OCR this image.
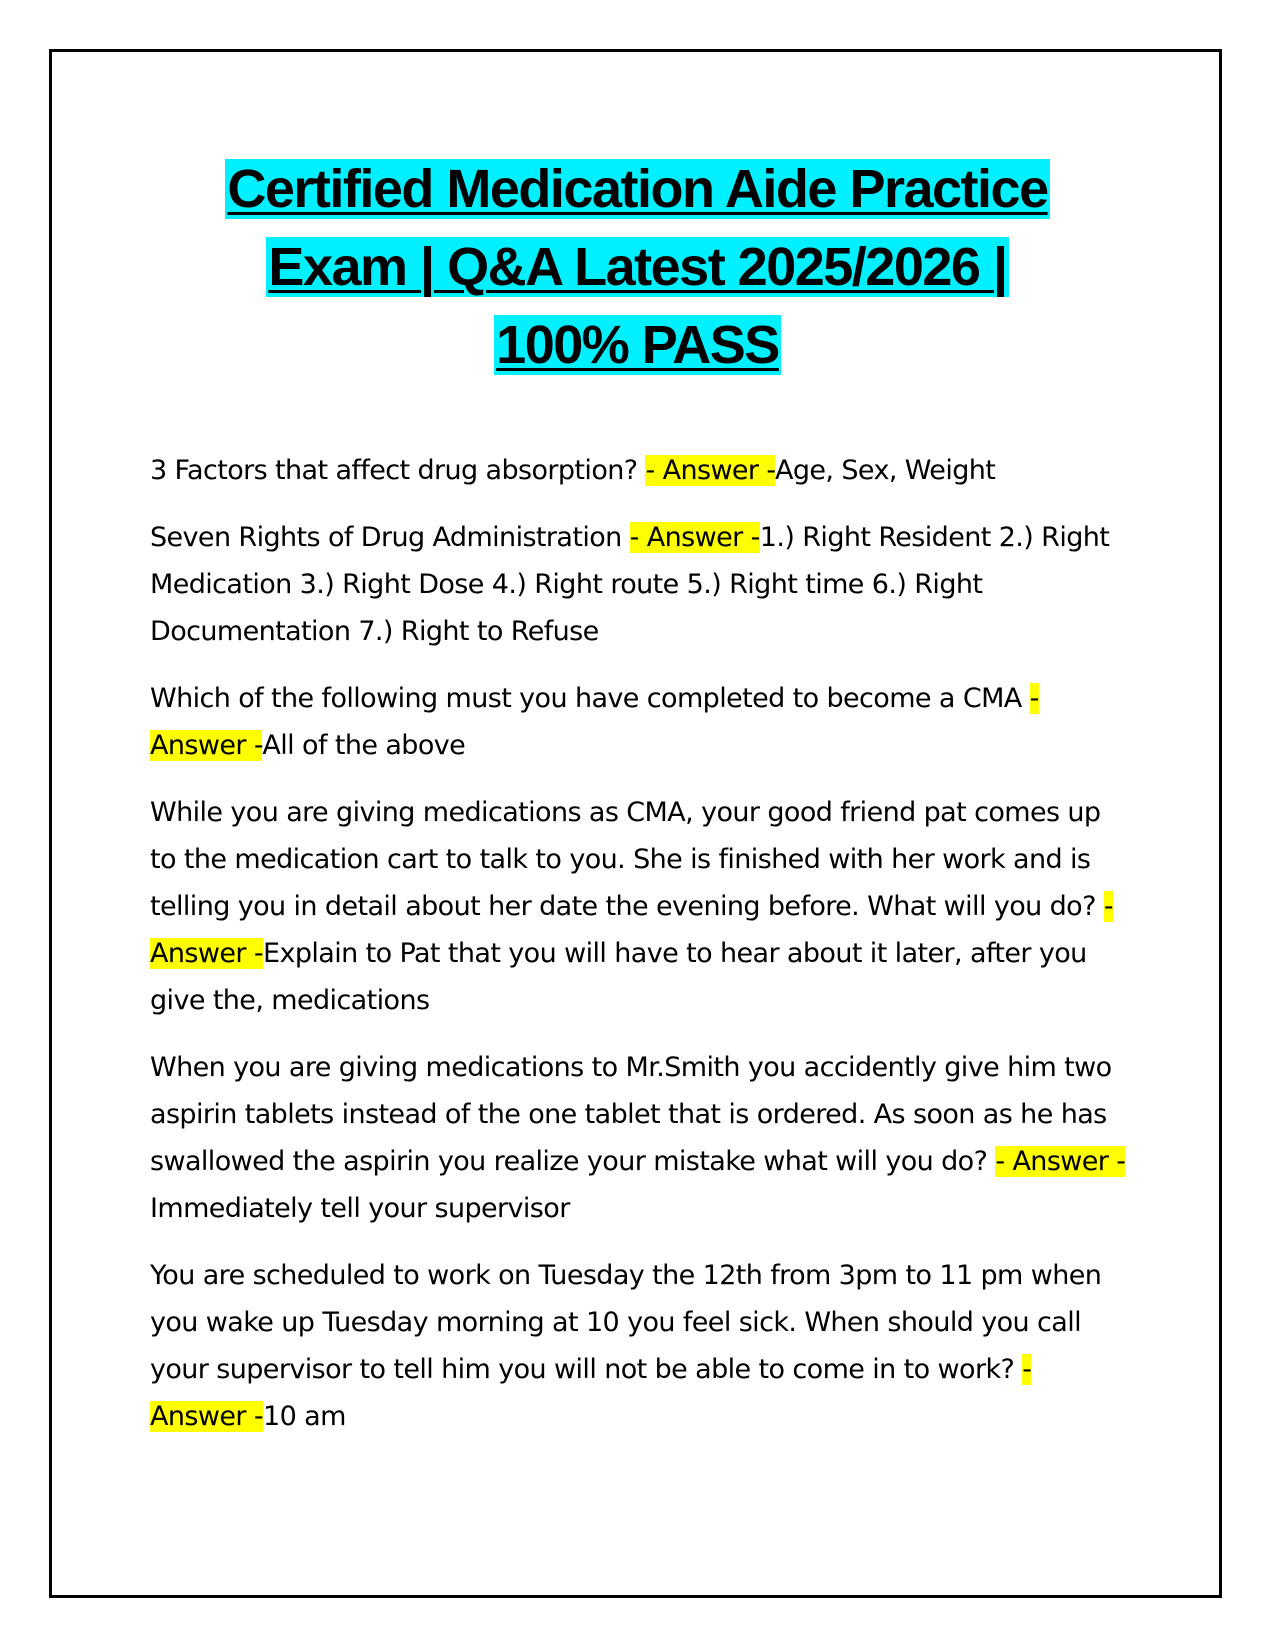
Certified Medication Aide Practice
Exam | Q&A Latest 2025/2026 |
100% PASS
3 Factors that affect drug absorption? - Answer -Age, Sex, Weight
Seven Rights of Drug Administration - Answer -1.) Right Resident 2.) Right Medication 3.) Right Dose 4.) Right route 5.) Right time 6.) Right Documentation 7.) Right to Refuse
Which of the following must you have completed to become a CMA - Answer -All of the above
While you are giving medications as CMA, your good friend pat comes up to the medication cart to talk to you. She is finished with her work and is telling you in detail about her date the evening before. What will you do? - Answer -Explain to Pat that you will have to hear about it later, after you give the, medications
When you are giving medications to Mr.Smith you accidently give him two aspirin tablets instead of the one tablet that is ordered. As soon as he has swallowed the aspirin you realize your mistake what will you do? - Answer -Immediately tell your supervisor
You are scheduled to work on Tuesday the 12th from 3pm to 11 pm when you wake up Tuesday morning at 10 you feel sick. When should you call your supervisor to tell him you will not be able to come in to work? - Answer -10 am
